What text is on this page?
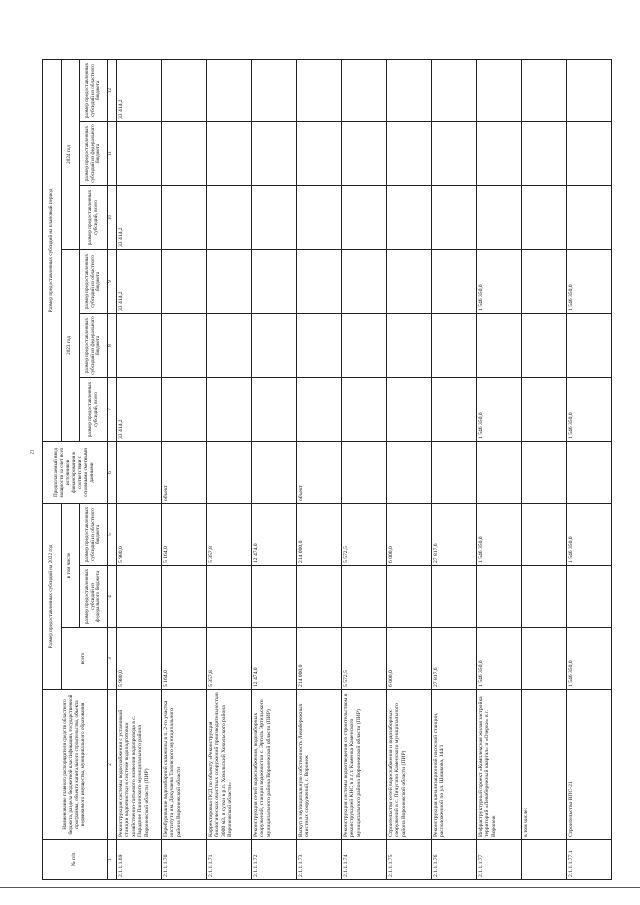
21
№ п/п	Наименование главного распорядителя средств областного бюджета, раздела бюджетной классификации, государственной программы, объекта капитального строительства, объекта недвижимого имущества, муниципального образования	Размер предоставленных субсидий на 2022 год			Предполагаемый ввод мощности за счет всех источников финансирования в соответствии с основными сметными данными	Размер предоставленных субсидий на плановый период					
		всего	в том числе			2023 год			2024 год		
			размер предоставленных субсидий из федерального бюджета	размер предоставленных субсидий из областного бюджета		размер предоставленных субсидий, всего	размер предоставленных субсидий из федерального бюджета	размер предоставленных субсидий из областного бюджета	размер предоставленных субсидий, всего	размер предоставленных субсидий из федерального бюджета	размер предоставленных субсидий из областного бюджета

1	2	3	4	5	6	7	8	9	10	11	12
2.1.1.1.69	Реконструкция системы водоснабжения с установкой станции водоочистки в системе водоподготовки хозяйственно-питьевого значения водопровода в с. Парадное Панинского муниципального района Воронежской области (ПИР)	5 980,0		5 980,0		33 414,2		33 414,2	33 414,2		33 414,2
2.1.1.1.70	Перебуривание водозаборной скважины в п. 2-го участка института им. Докучаева Таловского муниципального района Воронежской области	5 164,0		5 164,0	объект						
2.1.1.1.71	Корректировка ПСД по объекту «Реконструкция биологических очистных сооружений производительностью 3000 м3, в сутки в р.п. Хохольский Хохольского района Воронежской области»	5 357,8		5 357,8							
2.1.1.1.72	Реконструкция сетей водоснабжения, водозаборных сооружений, станции водоочистки с. Эртиль Эртильского муниципального района Воронежской области (ПИР)	12 474,0		12 474,0							
2.1.1.1.73	Выкуп в муниципальную собственность Левобережных очистных сооружений, г. Воронеж	214 000,0		214 000,0	объект						
2.1.1.1.74	Реконструкция системы водоотведения со строительством и реконструкцией КНС в п.г.т. Каменка Каменского муниципального района Воронежской области (ПИР)	5 572,5		5 572,5							
2.1.1.1.75	Строительство сетей водоснабжения и водозаборных сооружений в с. Пичугино Каменского муниципального района Воронежской области (ПИР)	6 000,0		6 000,0							
2.1.1.1.76	Реконструкция канализационной насосной станции, расположенной по ул. Шишкова, 144/1	27 817,6		27 817,6							
2.1.1.1.77	Инфраструктурный проект «Комплексная жилая застройка территорий «Левобережный квартал» и «Озерки» в г. Воронеж	1 546 350,0		1 546 350,0		1 546 350,0		1 546 350,0			
	в том числе:										
2.1.1.1.77.1	Строительство ВПС-21	1 546 350,0		1 546 350,0		1 546 350,0		1 546 350,0			
